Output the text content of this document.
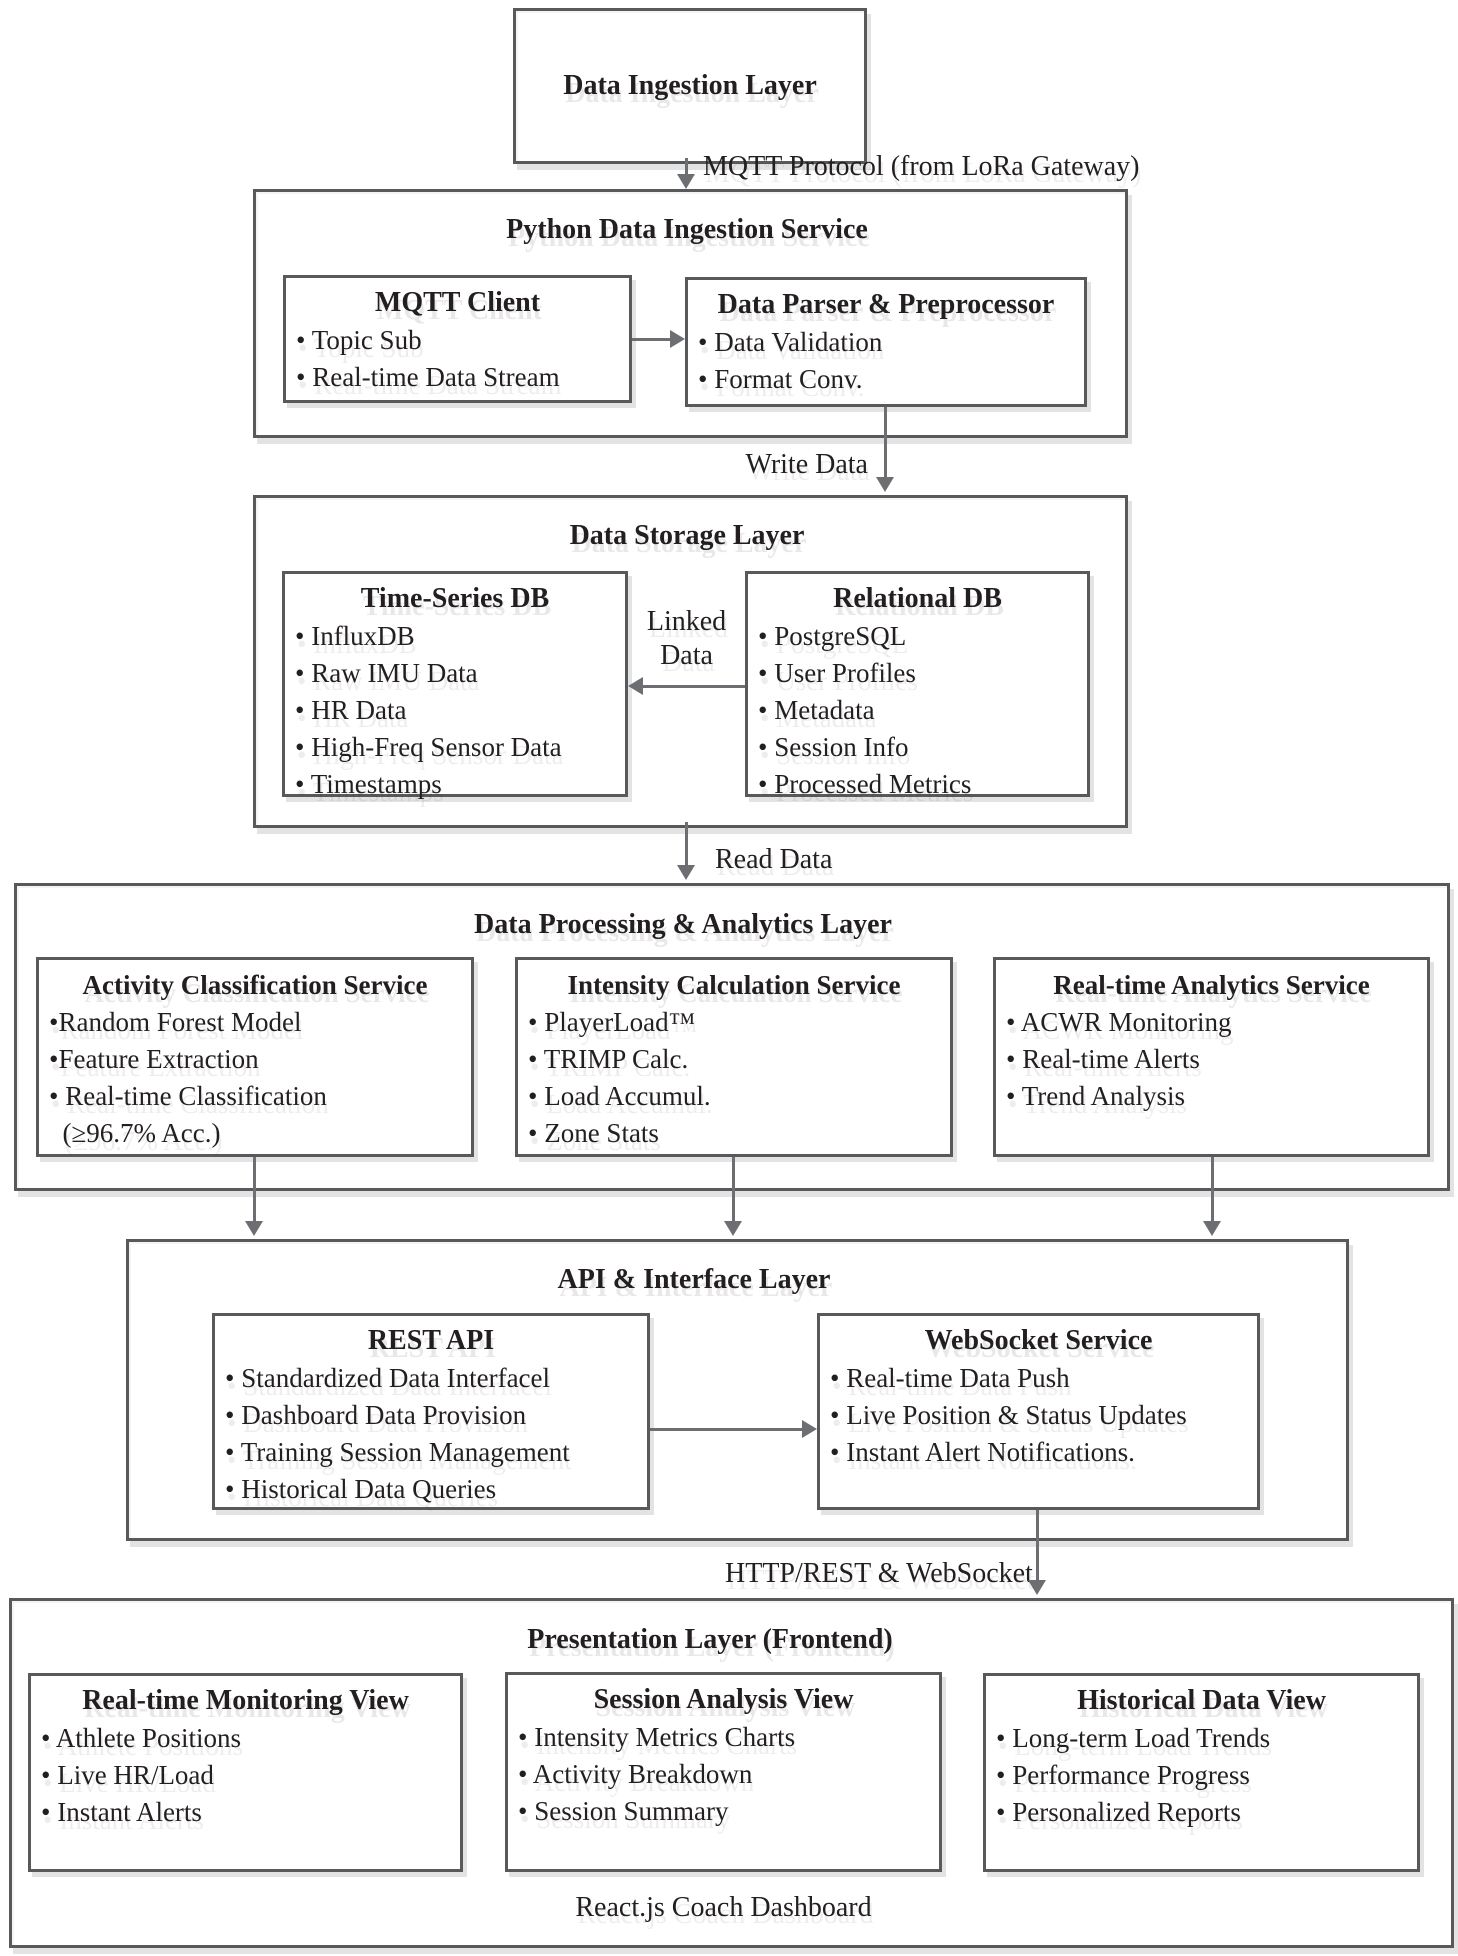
Data Ingestion Layer
MQTT Protocol (from LoRa Gateway)
Python Data Ingestion Service
MQTT Client
• Topic Sub
• Real-time Data Stream
Data Parser & Preprocessor
• Data Validation
• Format Conv.
Write Data
Data Storage Layer
Time-Series DB
• InfluxDB
• Raw IMU Data
• HR Data
• High-Freq Sensor Data
• Timestamps
Relational DB
• PostgreSQL
• User Profiles
• Metadata
• Session Info
• Processed Metrics
Linked Data
Read Data
Data Processing & Analytics Layer
Activity Classification Service
•Random Forest Model
•Feature Extraction
• Real-time Classification
(≥96.7% Acc.)
Intensity Calculation Service
• PlayerLoad™
• TRIMP Calc.
• Load Accumul.
• Zone Stats
Real-time Analytics Service
• ACWR Monitoring
• Real-time Alerts
• Trend Analysis
API & Interface Layer
REST API
• Standardized Data Interfacel
• Dashboard Data Provision
• Training Session Management
• Historical Data Queries
WebSocket Service
• Real-time Data Push
• Live Position & Status Updates
• Instant Alert Notifications.
HTTP/REST & WebSocket
Presentation Layer (Frontend)
Real-time Monitoring View
• Athlete Positions
• Live HR/Load
• Instant Alerts
Session Analysis View
• Intensity Metrics Charts
• Activity Breakdown
• Session Summary
Historical Data View
• Long-term Load Trends
• Performance Progress
• Personalized Reports
React.js Coach Dashboard
